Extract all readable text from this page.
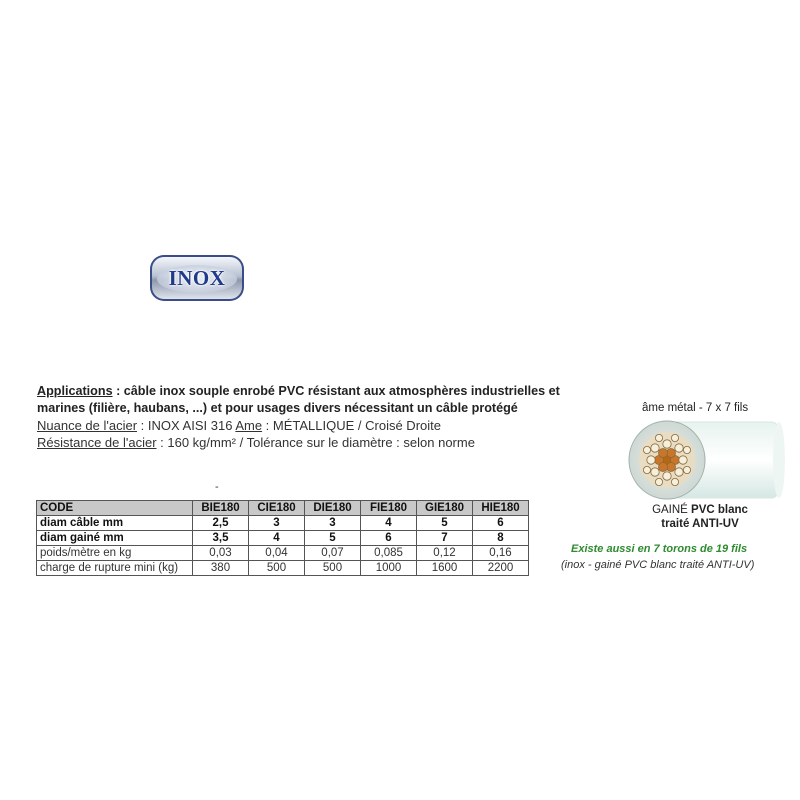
INOX
-
Applications : câble inox souple enrobé PVC résistant aux atmosphères industrielles et
marines (filière, haubans, ...) et pour usages divers nécessitant un câble protégé
Nuance de l'acier : INOX AISI 316 Ame : MÉTALLIQUE / Croisé Droite
Résistance de l'acier : 160 kg/mm² / Tolérance sur le diamètre : selon norme
CODE	BIE180	CIE180	DIE180	FIE180	GIE180	HIE180
diam câble mm	2,5	3	3	4	5	6
diam gainé mm	3,5	4	5	6	7	8
poids/mètre en kg	0,03	0,04	0,07	0,085	0,12	0,16
charge de rupture mini (kg)	380	500	500	1000	1600	2200
âme métal - 7 x 7 fils
GAINÉ PVC blanc
traité ANTI-UV
Existe aussi en 7 torons de 19 fils
(inox - gainé PVC blanc traité ANTI-UV)
